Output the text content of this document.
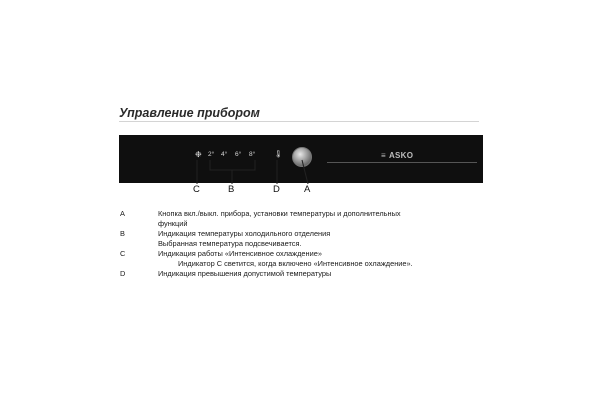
Управление прибором
❉ 2° 4° 6° 8°	🌡	≡ ASKO
C	B	D	A
A	Кнопка вкл./выкл. прибора, установки температуры и дополнительных
функций
B	Индикация температуры холодильного отделения
Выбранная температура подсвечивается.
C	Индикация работы «Интенсивное охлаждение»
Индикатор С светится, когда включено «Интенсивное охлаждение».
D	Индикация превышения допустимой температуры
